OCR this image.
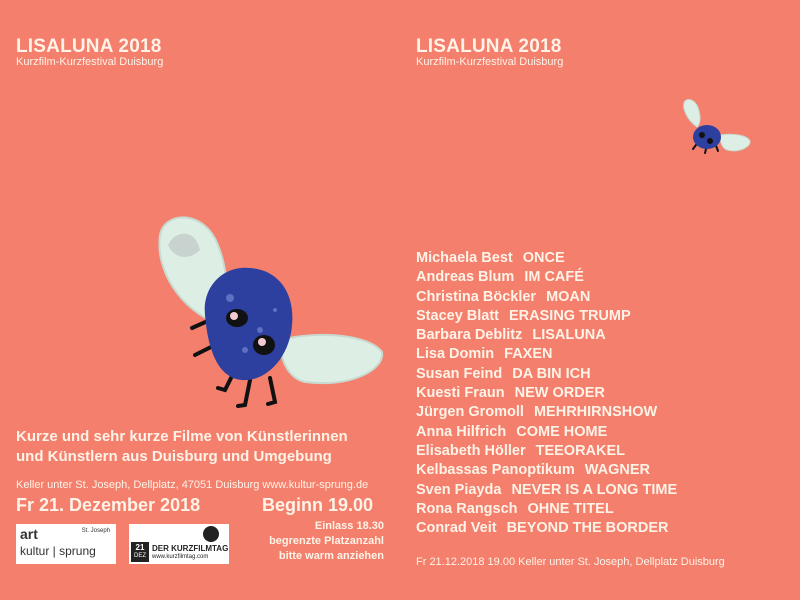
LISALUNA 2018
Kurzfilm-Kurzfestival Duisburg
Kurze und sehr kurze Filme von Künstlerinnen
und Künstlern aus Duisburg und Umgebung
Keller unter St. Joseph, Dellplatz, 47051 Duisburg www.kultur-sprung.de
Fr 21. Dezember 2018	Beginn 19.00
Einlass 18.30
begrenzte Platzanzahl
bitte warm anziehen
art	St. Joseph
kultur | sprung	21
DEZ
DER KURZFILMTAG
www.kurzfilmtag.com
LISALUNA 2018
Kurzfilm-Kurzfestival Duisburg
Michaela Best ONCE
Andreas Blum IM CAFÉ
Christina Böckler MOAN
Stacey Blatt ERASING TRUMP
Barbara Deblitz LISALUNA
Lisa Domin FAXEN
Susan Feind DA BIN ICH
Kuesti Fraun NEW ORDER
Jürgen Gromoll MEHRHIRNSHOW
Anna Hilfrich COME HOME
Elisabeth Höller TEEORAKEL
Kelbassas Panoptikum WAGNER
Sven Piayda NEVER IS A LONG TIME
Rona Rangsch OHNE TITEL
Conrad Veit BEYOND THE BORDER
Fr 21.12.2018 19.00 Keller unter St. Joseph, Dellplatz Duisburg
